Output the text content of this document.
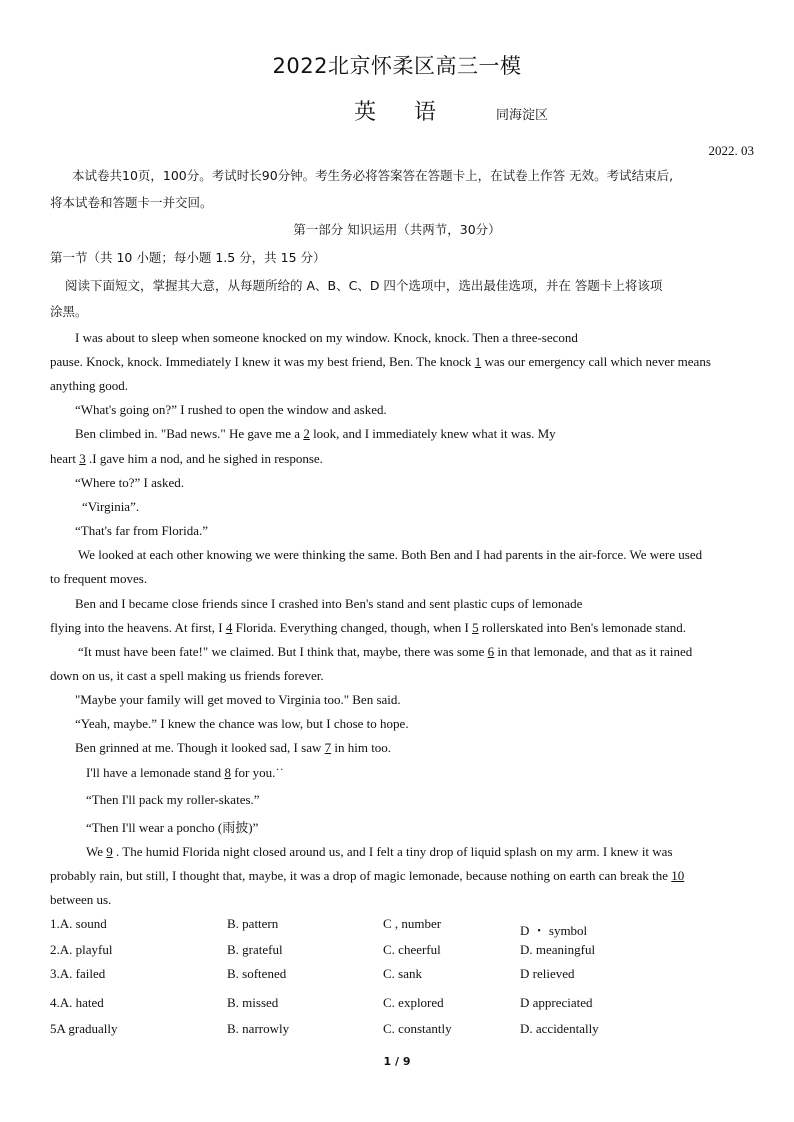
2022北京怀柔区高三一模
英 语	同海淀区
2022. 03
本试卷共10页，100分。考试时长90分钟。考生务必将答案答在答题卡上，在试卷上作答 无效。考试结束后,
将本试卷和答题卡一并交回。
第一部分 知识运用（共两节，30分）
第一节（共 10 小题；每小题 1.5 分，共 15 分）
阅读下面短文，掌握其大意，从每题所给的 A、B、C、D 四个选项中，选出最佳选项，并在 答题卡上将该项
涂黑。
I was about to sleep when someone knocked on my window. Knock, knock. Then a three-second
pause. Knock, knock. Immediately I knew it was my best friend, Ben. The knock 1 was our emergency call which never means
anything good.
“What's going on?” I rushed to open the window and asked.
Ben climbed in. "Bad news." He gave me a 2 look, and I immediately knew what it was. My
heart 3 .I gave him a nod, and he sighed in response.
“Where to?” I asked.
“Virginia”.
“That's far from Florida.”
We looked at each other knowing we were thinking the same. Both Ben and I had parents in the air-force. We were used
to frequent moves.
Ben and I became close friends since I crashed into Ben's stand and sent plastic cups of lemonade
flying into the heavens. At first, I 4 Florida. Everything changed, though, when I 5 rollerskated into Ben's lemonade stand.
“It must have been fate!" we claimed. But I think that, maybe, there was some 6 in that lemonade, and that as it rained
down on us, it cast a spell making us friends forever.
"Maybe your family will get moved to Virginia too." Ben said.
“Yeah, maybe.” I knew the chance was low, but I chose to hope.
Ben grinned at me. Though it looked sad, I saw 7 in him too.
I'll have a lemonade stand 8 for you.˙˙
“Then I'll pack my roller-skates.”
“Then I'll wear a poncho (雨披)”
We 9 . The humid Florida night closed around us, and I felt a tiny drop of liquid splash on my arm. I knew it was
probably rain, but still, I thought that, maybe, it was a drop of magic lemonade, because nothing on earth can break the 10
between us.
1.A. sound	B. pattern	C , number	D ・ symbol
2.A. playful	B. grateful	C. cheerful	D. meaningful
3.A. failed	B. softened	C. sank	D relieved
4.A. hated	B. missed	C. explored	D appreciated
5A gradually	B. narrowly	C. constantly	D. accidentally
1 / 9
